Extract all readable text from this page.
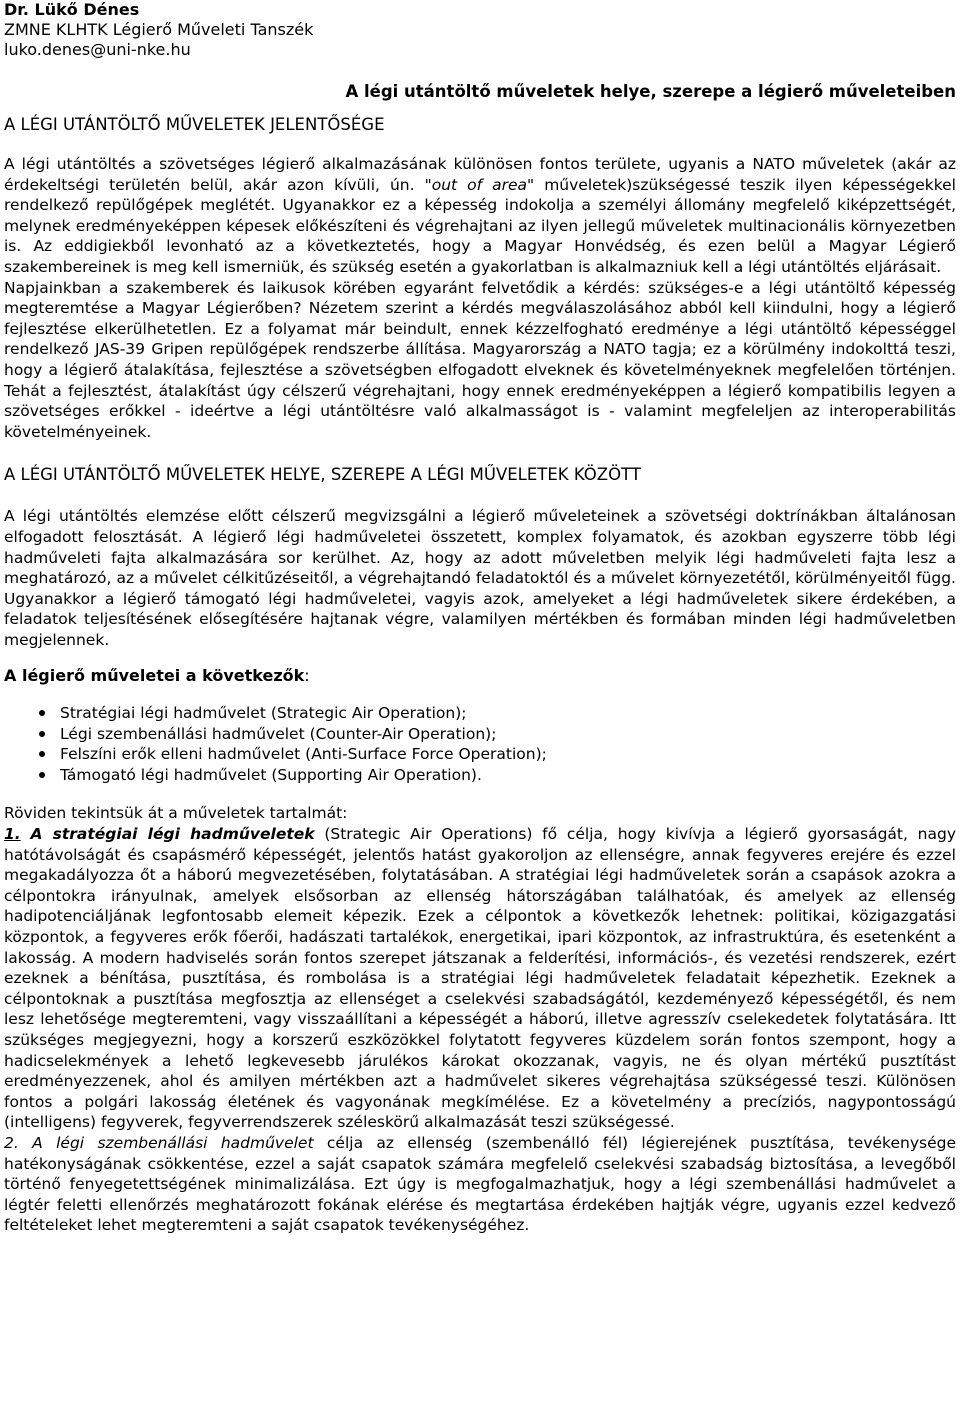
Dr. Lükő Dénes
ZMNE KLHTK Légierő Műveleti Tanszék
luko.denes@uni-nke.hu
A légi utántöltő műveletek helye, szerepe a légierő műveleteiben
A LÉGI UTÁNTÖLTŐ MŰVELETEK JELENTŐSÉGE

A légi utántöltés a szövetséges légierő alkalmazásának különösen fontos területe, ugyanis a NATO műveletek (akár az érdekeltségi területén belül, akár azon kívüli, ún. "out of area" műveletek)szükségessé teszik ilyen képességekkel rendelkező repülőgépek meglétét. Ugyanakkor ez a képesség indokolja a személyi állomány megfelelő kiképzettségét, melynek eredményeképpen képesek előkészíteni és végrehajtani az ilyen jellegű műveletek multinacionális környezetben is. Az eddigiekből levonható az a következtetés, hogy a Magyar Honvédség, és ezen belül a Magyar Légierő szakembereinek is meg kell ismerniük, és szükség esetén a gyakorlatban is alkalmazniuk kell a légi utántöltés eljárásait.

Napjainkban a szakemberek és laikusok körében egyaránt felvetődik a kérdés: szükséges-e a légi utántöltő képesség megteremtése a Magyar Légierőben? Nézetem szerint a kérdés megválaszolásához abból kell kiindulni, hogy a légierő fejlesztése elkerülhetetlen. Ez a folyamat már beindult, ennek kézzelfogható eredménye a légi utántöltő képességgel rendelkező JAS-39 Gripen repülőgépek rendszerbe állítása. Magyarország a NATO tagja; ez a körülmény indokolttá teszi, hogy a légierő átalakítása, fejlesztése a szövetségben elfogadott elveknek és követelményeknek megfelelően történjen. Tehát a fejlesztést, átalakítást úgy célszerű végrehajtani, hogy ennek eredményeképpen a légierő kompatibilis legyen a szövetséges erőkkel - ideértve a légi utántöltésre való alkalmasságot is - valamint megfeleljen az interoperabilitás követelményeinek.

A LÉGI UTÁNTÖLTŐ MŰVELETEK HELYE, SZEREPE A LÉGI MŰVELETEK KÖZÖTT

A légi utántöltés elemzése előtt célszerű megvizsgálni a légierő műveleteinek a szövetségi doktrínákban általánosan elfogadott felosztását. A légierő légi hadműveletei összetett, komplex folyamatok, és azokban egyszerre több légi hadműveleti fajta alkalmazására sor kerülhet. Az, hogy az adott műveletben melyik légi hadműveleti fajta lesz a meghatározó, az a művelet célkitűzéseitől, a végrehajtandó feladatoktól és a művelet környezetétől, körülményeitől függ. Ugyanakkor a légierő támogató légi hadműveletei, vagyis azok, amelyeket a légi hadműveletek sikere érdekében, a feladatok teljesítésének elősegítésére hajtanak végre, valamilyen mértékben és formában minden légi hadműveletben megjelennek.

A légierő műveletei a következők:
Stratégiai légi hadművelet (Strategic Air Operation);
Légi szembenállási hadművelet (Counter-Air Operation);
Felszíni erők elleni hadművelet (Anti-Surface Force Operation);
Támogató légi hadművelet (Supporting Air Operation).

Röviden tekintsük át a műveletek tartalmát:

1. A stratégiai légi hadműveletek (Strategic Air Operations) fő célja, hogy kivívja a légierő gyorsaságát, nagy hatótávolságát és csapásmérő képességét, jelentős hatást gyakoroljon az ellenségre, annak fegyveres erejére és ezzel megakadályozza őt a háború megvezetésében, folytatásában. A stratégiai légi hadműveletek során a csapások azokra a célpontokra irányulnak, amelyek elsősorban az ellenség hátországában találhatóak, és amelyek az ellenség hadipotenciáljának legfontosabb elemeit képezik. Ezek a célpontok a következők lehetnek: politikai, közigazgatási központok, a fegyveres erők főerői, hadászati tartalékok, energetikai, ipari központok, az infrastruktúra, és esetenként a lakosság. A modern hadviselés során fontos szerepet játszanak a felderítési, információs-, és vezetési rendszerek, ezért ezeknek a bénítása, pusztítása, és rombolása is a stratégiai légi hadműveletek feladatait képezhetik. Ezeknek a célpontoknak a pusztítása megfosztja az ellenséget a cselekvési szabadságától, kezdeményező képességétől, és nem lesz lehetősége megteremteni, vagy visszaállítani a képességét a háború, illetve agresszív cselekedetek folytatására. Itt szükséges megjegyezni, hogy a korszerű eszközökkel folytatott fegyveres küzdelem során fontos szempont, hogy a hadicselekmények a lehető legkevesebb járulékos károkat okozzanak, vagyis, ne és olyan mértékű pusztítást eredményezzenek, ahol és amilyen mértékben azt a hadművelet sikeres végrehajtása szükségessé teszi. Különösen fontos a polgári lakosság életének és vagyonának megkímélése. Ez a követelmény a precíziós, nagypontosságú (intelligens) fegyverek, fegyverrendszerek széleskörű alkalmazását teszi szükségessé.

2. A légi szembenállási hadművelet célja az ellenség (szembenálló fél) légierejének pusztítása, tevékenysége hatékonyságának csökkentése, ezzel a saját csapatok számára megfelelő cselekvési szabadság biztosítása, a levegőből történő fenyegetettségének minimalizálása. Ezt úgy is megfogalmazhatjuk, hogy a légi szembenállási hadművelet a légtér feletti ellenőrzés meghatározott fokának elérése és megtartása érdekében hajtják végre, ugyanis ezzel kedvező feltételeket lehet megteremteni a saját csapatok tevékenységéhez.
